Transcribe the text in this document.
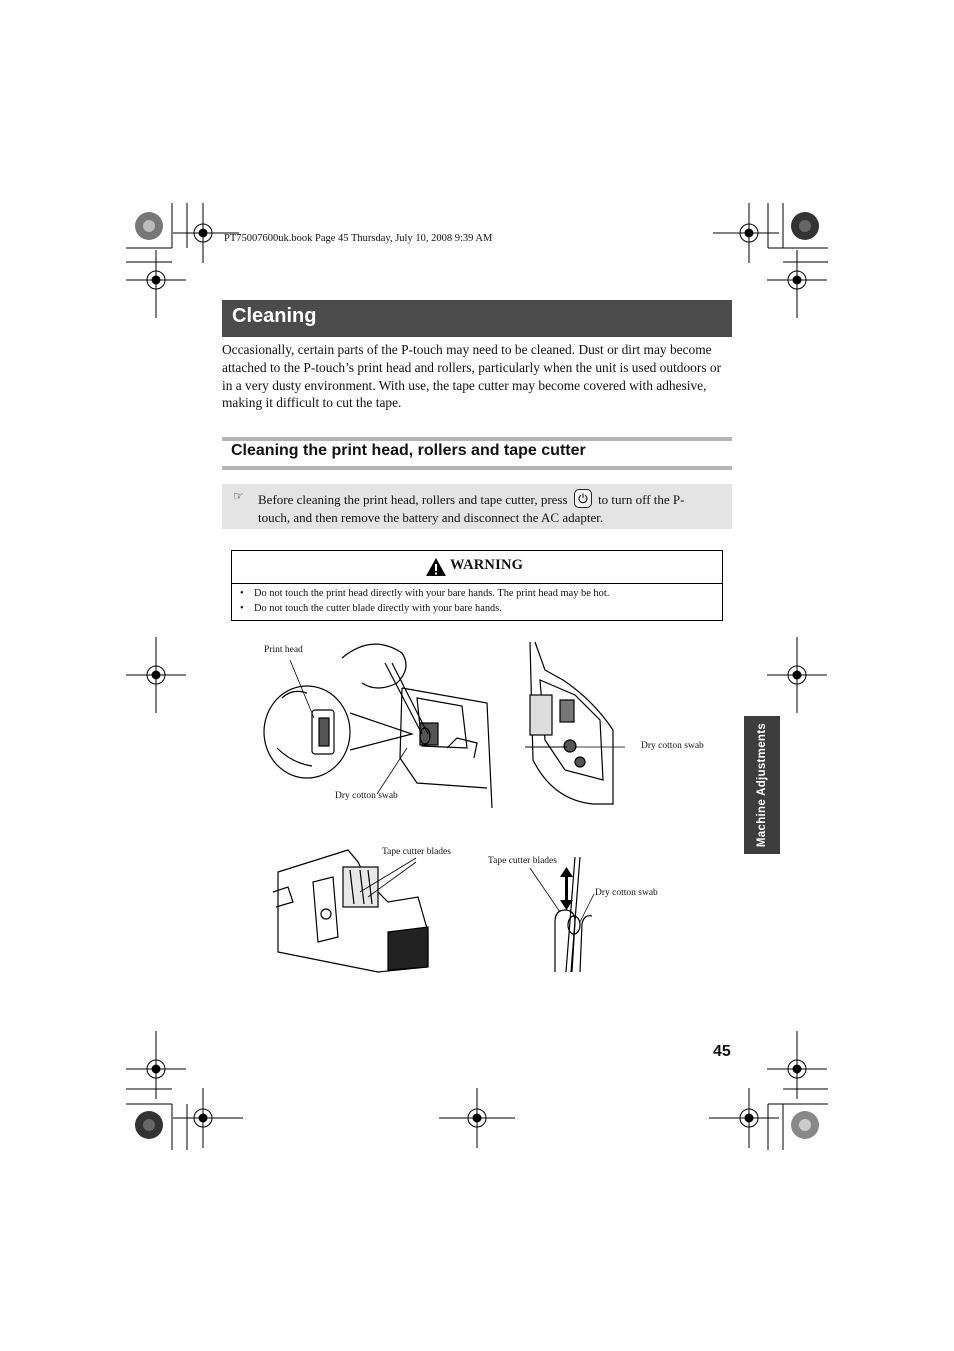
PT75007600uk.book Page 45 Thursday, July 10, 2008 9:39 AM
Cleaning
Occasionally, certain parts of the P-touch may need to be cleaned. Dust or dirt may become attached to the P-touch’s print head and rollers, particularly when the unit is used outdoors or in a very dusty environment. With use, the tape cutter may become covered with adhesive, making it difficult to cut the tape.
Cleaning the print head, rollers and tape cutter
☞ Before cleaning the print head, rollers and tape cutter, press to turn off the P-touch, and then remove the battery and disconnect the AC adapter.
WARNING
• Do not touch the print head directly with your bare hands. The print head may be hot.
• Do not touch the cutter blade directly with your bare hands.
Print head
Dry cotton swab
Dry cotton swab
Tape cutter blades
Tape cutter blades
Dry cotton swab
Machine Adjustments
45
